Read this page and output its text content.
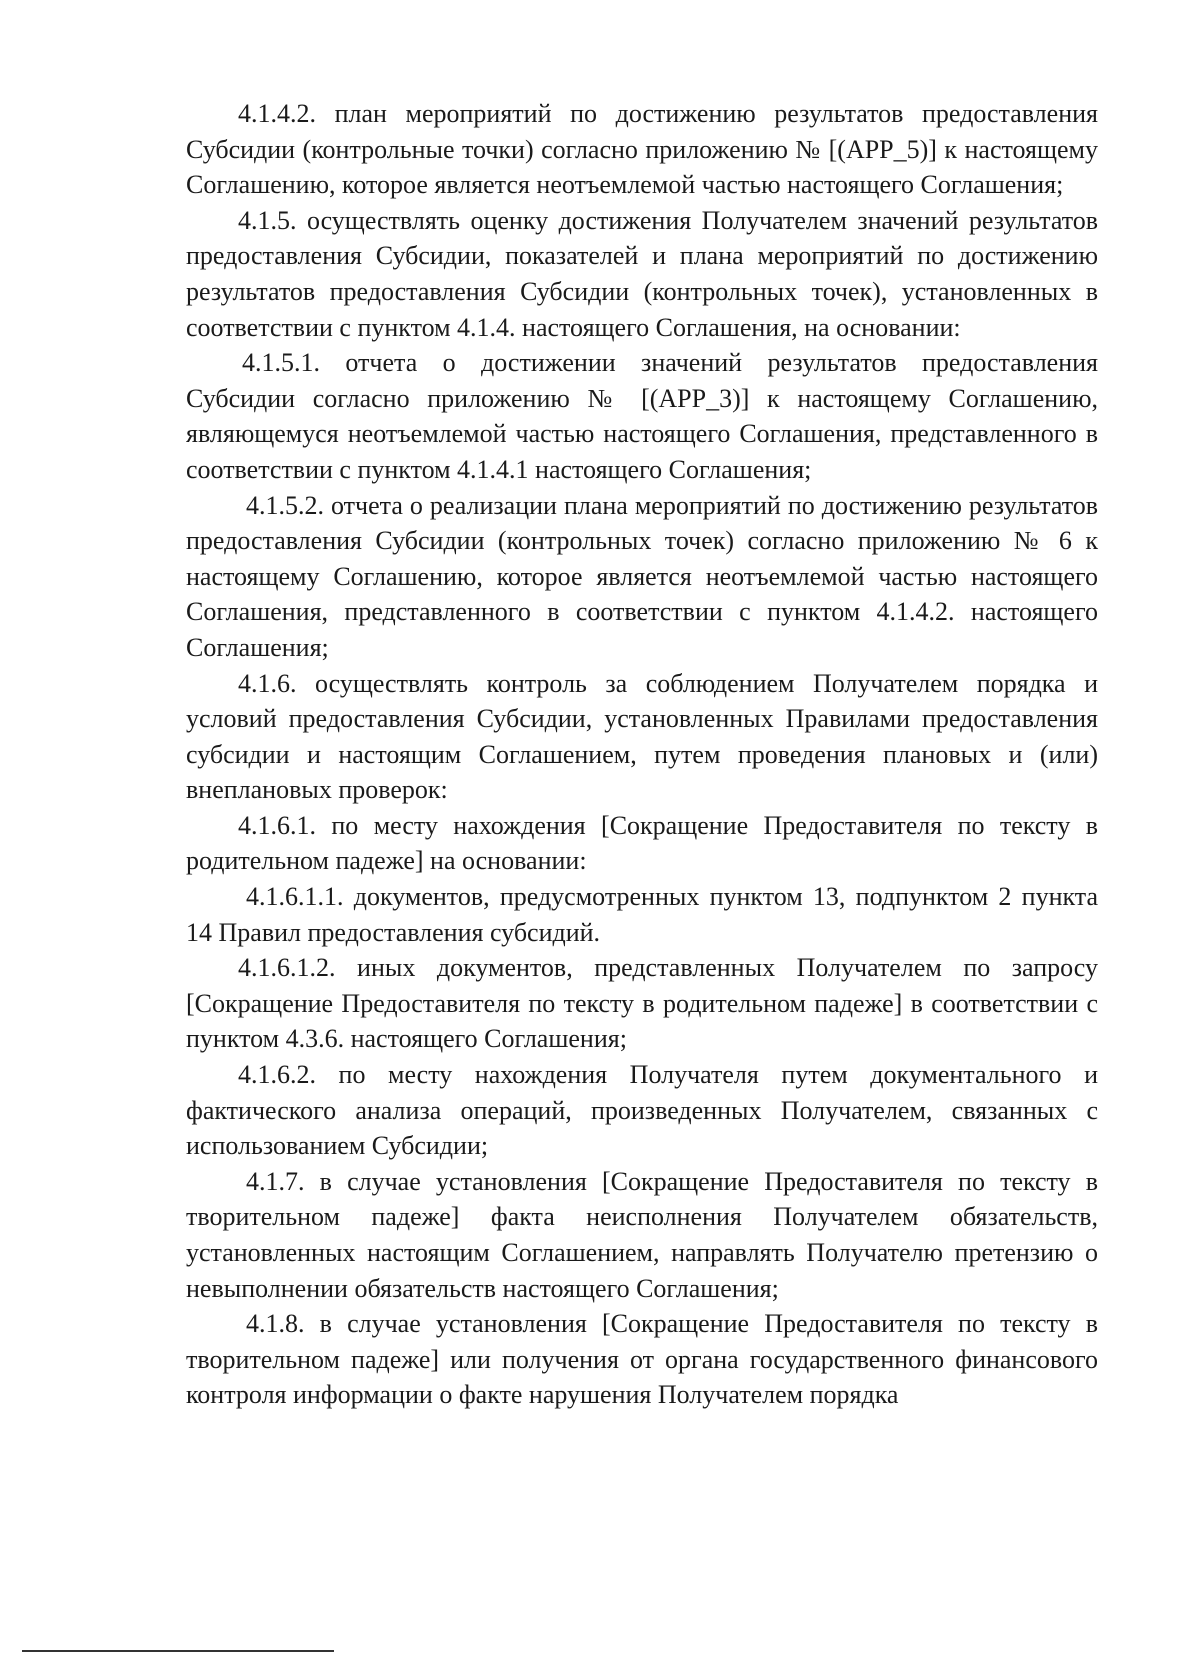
4.1.4.2. план мероприятий по достижению результатов предоставления Субсидии (контрольные точки) согласно приложению № [(APP_5)] к настоящему Соглашению, которое является неотъемлемой частью настоящего Соглашения;

4.1.5. осуществлять оценку достижения Получателем значений результатов предоставления Субсидии, показателей и плана мероприятий по достижению результатов предоставления Субсидии (контрольных точек), установленных в соответствии с пунктом 4.1.4. настоящего Соглашения, на основании:

4.1.5.1. отчета о достижении значений результатов предоставления Субсидии согласно приложению № [(APP_3)] к настоящему Соглашению, являющемуся неотъемлемой частью настоящего Соглашения, представленного в соответствии с пунктом 4.1.4.1 настоящего Соглашения;

4.1.5.2. отчета о реализации плана мероприятий по достижению результатов предоставления Субсидии (контрольных точек) согласно приложению № 6 к настоящему Соглашению, которое является неотъемлемой частью настоящего Соглашения, представленного в соответствии с пунктом 4.1.4.2. настоящего Соглашения;

4.1.6. осуществлять контроль за соблюдением Получателем порядка и условий предоставления Субсидии, установленных Правилами предоставления субсидии и настоящим Соглашением, путем проведения плановых и (или) внеплановых проверок:

4.1.6.1. по месту нахождения [Сокращение Предоставителя по тексту в родительном падеже] на основании:

4.1.6.1.1. документов, предусмотренных пунктом 13, подпунктом 2 пункта 14 Правил предоставления субсидий.

4.1.6.1.2. иных документов, представленных Получателем по запросу [Сокращение Предоставителя по тексту в родительном падеже] в соответствии с пунктом 4.3.6. настоящего Соглашения;

4.1.6.2. по месту нахождения Получателя путем документального и фактического анализа операций, произведенных Получателем, связанных с использованием Субсидии;

4.1.7. в случае установления [Сокращение Предоставителя по тексту в творительном падеже] факта неисполнения Получателем обязательств, установленных настоящим Соглашением, направлять Получателю претензию о невыполнении обязательств настоящего Соглашения;

4.1.8. в случае установления [Сокращение Предоставителя по тексту в творительном падеже] или получения от органа государственного финансового контроля информации о факте нарушения Получателем порядка
